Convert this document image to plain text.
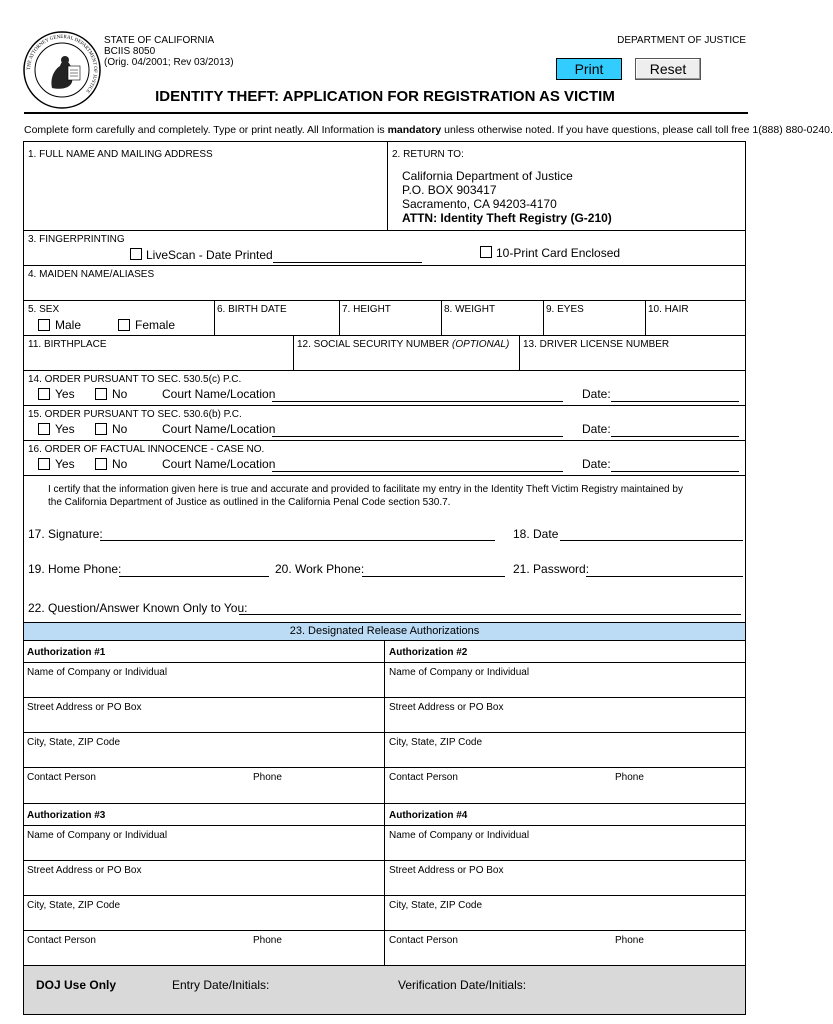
THE ATTORNEY GENERAL DEPARTMENT OF JUSTICE
STATE OF CALIFORNIA
BCIIS 8050
(Orig. 04/2001; Rev 03/2013)
DEPARTMENT OF JUSTICE
Print	Reset
IDENTITY THEFT: APPLICATION FOR REGISTRATION AS VICTIM
Complete form carefully and completely. Type or print neatly. All Information is mandatory unless otherwise noted. If you have questions, please call toll free 1(888) 880-0240.
1. FULL NAME AND MAILING ADDRESS	2. RETURN TO:
California Department of Justice
P.O. BOX 903417
Sacramento, CA 94203-4170
ATTN: Identity Theft Registry (G-210)
3. FINGERPRINTING
LiveScan - Date Printed	10-Print Card Enclosed
4. MAIDEN NAME/ALIASES
5. SEX
Male	Female
6. BIRTH DATE	7. HEIGHT	8. WEIGHT	9. EYES	10. HAIR
11. BIRTHPLACE	12. SOCIAL SECURITY NUMBER (OPTIONAL) 13. DRIVER LICENSE NUMBER
14. ORDER PURSUANT TO SEC. 530.5(c) P.C.
Yes	No	Court Name/Location	Date:
15. ORDER PURSUANT TO SEC. 530.6(b) P.C.
Yes	No	Court Name/Location	Date:
16. ORDER OF FACTUAL INNOCENCE - CASE NO.
Yes	No	Court Name/Location	Date:
I certify that the information given here is true and accurate and provided to facilitate my entry in the Identity Theft Victim Registry maintained by
the California Department of Justice as outlined in the California Penal Code section 530.7.
17. Signature:	18. Date
19. Home Phone:	20. Work Phone:	21. Password:
22. Question/Answer Known Only to You:
23. Designated Release Authorizations
Authorization #1
Name of Company or Individual
Street Address or PO Box
City, State, ZIP Code
Contact Person	Phone
Authorization #2
Name of Company or Individual
Street Address or PO Box
City, State, ZIP Code
Contact Person	Phone
Authorization #3
Name of Company or Individual
Street Address or PO Box
City, State, ZIP Code
Contact Person	Phone
Authorization #4
Name of Company or Individual
Street Address or PO Box
City, State, ZIP Code
Contact Person	Phone
DOJ Use Only	Entry Date/Initials:	Verification Date/Initials:
